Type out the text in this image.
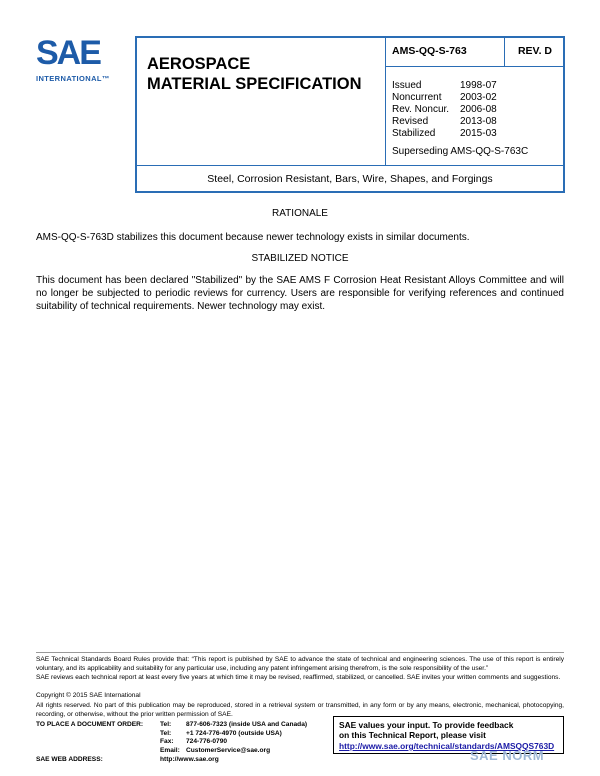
SAE
INTERNATIONAL™
AEROSPACE
MATERIAL SPECIFICATION
AMS-QQ-S-763	REV. D
Issued	1998-07
Noncurrent 2003-02
Rev. Noncur. 2006-08
Revised	2013-08
Stabilized 2015-03
Superseding AMS-QQ-S-763C
Steel, Corrosion Resistant, Bars, Wire, Shapes, and Forgings
RATIONALE
AMS-QQ-S-763D stabilizes this document because newer technology exists in similar documents.
STABILIZED NOTICE
This document has been declared "Stabilized" by the SAE AMS F Corrosion Heat Resistant Alloys Committee and will no longer be subjected to periodic reviews for currency. Users are responsible for verifying references and continued suitability of technical requirements. Newer technology may exist.
SAE Technical Standards Board Rules provide that: “This report is published by SAE to advance the state of technical and engineering sciences. The use of this report is entirely voluntary, and its applicability and suitability for any particular use, including any patent infringement arising therefrom, is the sole responsibility of the user.”
SAE reviews each technical report at least every five years at which time it may be revised, reaffirmed, stabilized, or cancelled. SAE invites your written comments and suggestions.
Copyright © 2015 SAE International
All rights reserved. No part of this publication may be reproduced, stored in a retrieval system or transmitted, in any form or by any means, electronic, mechanical, photocopying, recording, or otherwise, without the prior written permission of SAE.
TO PLACE A DOCUMENT ORDER:	Tel: 877-606-7323 (inside USA and Canada)
Tel: +1 724-776-4970 (outside USA)
Fax: 724-776-0790
Email: CustomerService@sae.org
SAE WEB ADDRESS:	http://www.sae.org
SAE values your input. To provide feedback
on this Technical Report, please visit
http://www.sae.org/technical/standards/AMSQQS763D
SAE NORM
